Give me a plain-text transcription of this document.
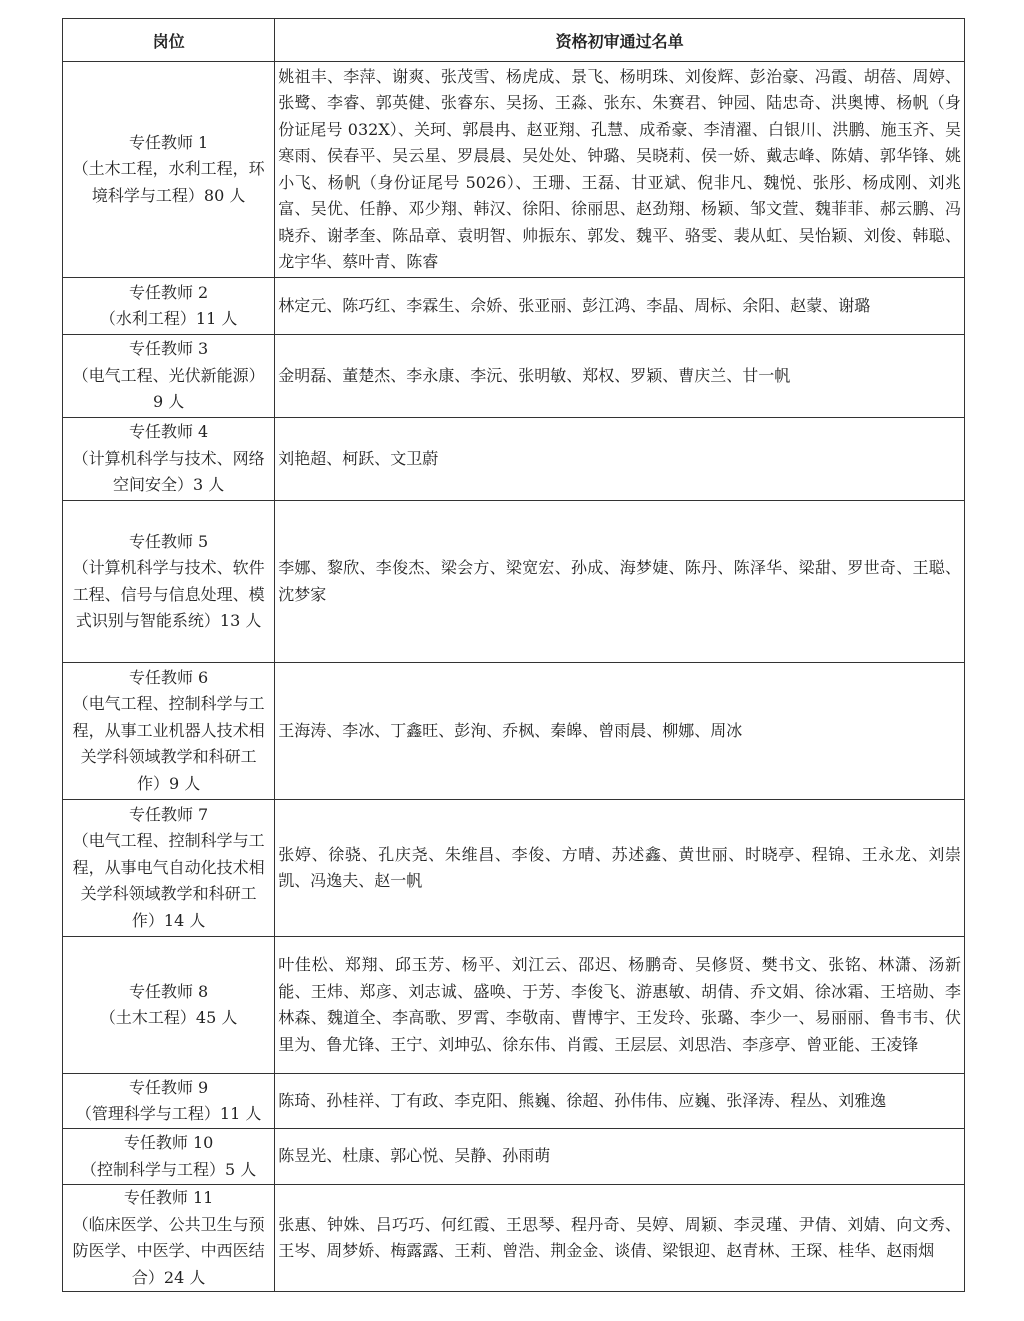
岗位	资格初审通过名单

专任教师 1
（土木工程，水利工程，环境科学与工程）80 人	姚祖丰、李萍、谢爽、张茂雪、杨虎成、景飞、杨明珠、刘俊辉、彭治豪、冯霞、胡蓓、周婷、张鹭、李睿、郭英健、张睿东、吴扬、王淼、张东、朱赛君、钟园、陆忠奇、洪奥博、杨帆（身份证尾号 032X）、关珂、郭晨冉、赵亚翔、孔慧、成希豪、李清濯、白银川、洪鹏、施玉齐、吴寒雨、侯春平、吴云星、罗晨晨、吴处处、钟璐、吴晓莉、侯一娇、戴志峰、陈婧、郭华锋、姚小飞、杨帆（身份证尾号 5026）、王珊、王磊、甘亚斌、倪非凡、魏悦、张彤、杨成刚、刘兆富、吴优、任静、邓少翔、韩汉、徐阳、徐丽思、赵劲翔、杨颖、邹文萱、魏菲菲、郝云鹏、冯晓乔、谢孝奎、陈品章、袁明智、帅振东、郭发、魏平、骆雯、裴从虹、吴怡颖、刘俊、韩聪、龙宇华、蔡叶青、陈睿

专任教师 2
（水利工程）11 人	林定元、陈巧红、李霖生、佘娇、张亚丽、彭江鸿、李晶、周标、余阳、赵蒙、谢璐

专任教师 3
（电气工程、光伏新能源）9 人	金明磊、董楚杰、李永康、李沅、张明敏、郑权、罗颖、曹庆兰、甘一帆

专任教师 4
（计算机科学与技术、网络空间安全）3 人	刘艳超、柯跃、文卫蔚

专任教师 5
（计算机科学与技术、软件工程、信号与信息处理、模式识别与智能系统）13 人	李娜、黎欣、李俊杰、梁会方、梁宽宏、孙成、海梦婕、陈丹、陈泽华、梁甜、罗世奇、王聪、沈梦家

专任教师 6
（电气工程、控制科学与工程，从事工业机器人技术相关学科领域教学和科研工作）9 人	王海涛、李冰、丁鑫旺、彭洵、乔枫、秦皞、曾雨晨、柳娜、周冰

专任教师 7
（电气工程、控制科学与工程，从事电气自动化技术相关学科领域教学和科研工作）14 人	张婷、徐骁、孔庆尧、朱维昌、李俊、方晴、苏述鑫、黄世丽、时晓亭、程锦、王永龙、刘崇凯、冯逸夫、赵一帆

专任教师 8
（土木工程）45 人	叶佳松、郑翔、邱玉芳、杨平、刘江云、邵迟、杨鹏奇、吴修贤、樊书文、张铭、林潇、汤新能、王炜、郑彦、刘志诚、盛唤、于芳、李俊飞、游惠敏、胡倩、乔文娟、徐冰霜、王培勋、李林森、魏道全、李高歌、罗霄、李敬南、曹博宇、王发玲、张璐、李少一、易丽丽、鲁韦韦、伏里为、鲁尤锋、王宁、刘坤弘、徐东伟、肖霞、王层层、刘思浩、李彦亭、曾亚能、王凌锋

专任教师 9
（管理科学与工程）11 人	陈琦、孙桂祥、丁有政、李克阳、熊巍、徐超、孙伟伟、应巍、张泽涛、程丛、刘雅逸

专任教师 10
（控制科学与工程）5 人	陈昱光、杜康、郭心悦、吴静、孙雨萌

专任教师 11
（临床医学、公共卫生与预防医学、中医学、中西医结合）24 人	张惠、钟姝、吕巧巧、何红霞、王思琴、程丹奇、吴婷、周颖、李灵瑾、尹倩、刘婧、向文秀、王岑、周梦娇、梅露露、王莉、曾浩、荆金金、谈倩、梁银迎、赵青林、王琛、桂华、赵雨烟
